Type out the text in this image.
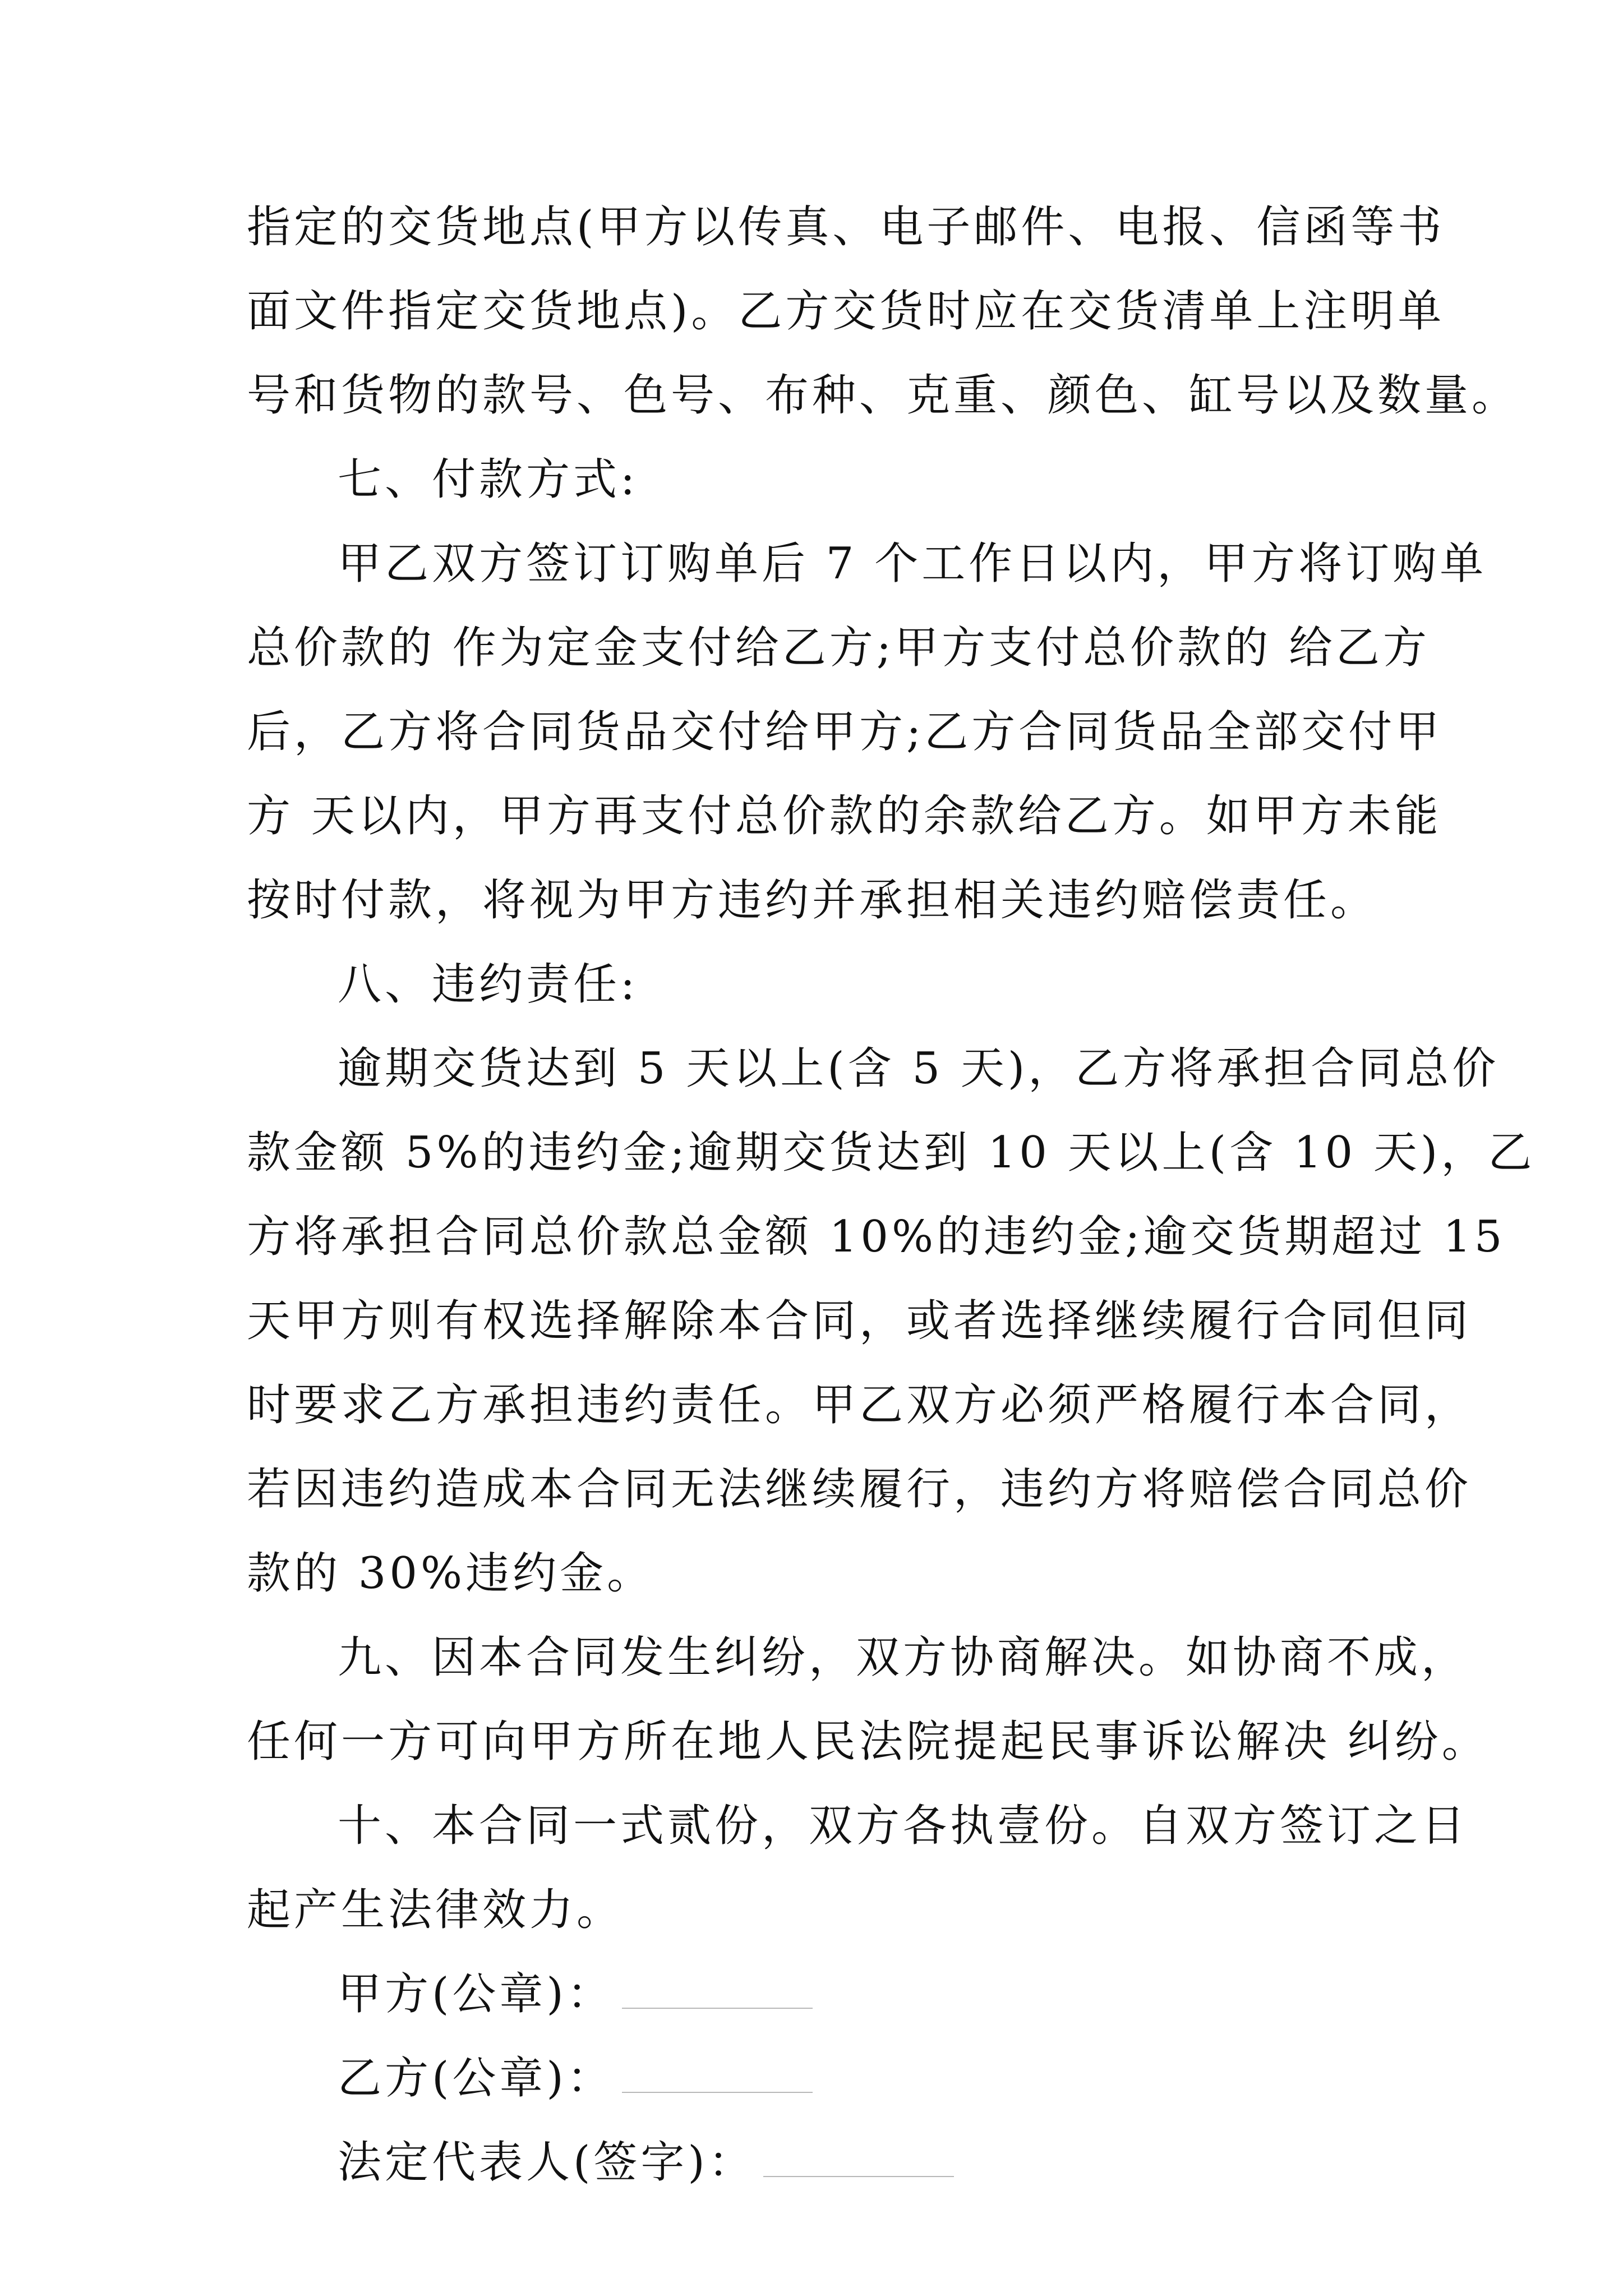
指定的交货地点(甲方以传真、电子邮件、电报、信函等书
面文件指定交货地点)。乙方交货时应在交货清单上注明单
号和货物的款号、色号、布种、克重、颜色、缸号以及数量。
七、付款方式:
甲乙双方签订订购单后 7 个工作日以内，甲方将订购单
总价款的 作为定金支付给乙方;甲方支付总价款的 给乙方
后，乙方将合同货品交付给甲方;乙方合同货品全部交付甲
方 天以内，甲方再支付总价款的余款给乙方。如甲方未能
按时付款，将视为甲方违约并承担相关违约赔偿责任。
八、违约责任:
逾期交货达到 5 天以上(含 5 天)，乙方将承担合同总价
款金额 5%的违约金;逾期交货达到 10 天以上(含 10 天)，乙
方将承担合同总价款总金额 10%的违约金;逾交货期超过 15
天甲方则有权选择解除本合同，或者选择继续履行合同但同
时要求乙方承担违约责任。甲乙双方必须严格履行本合同，
若因违约造成本合同无法继续履行，违约方将赔偿合同总价
款的 30%违约金。
九、因本合同发生纠纷，双方协商解决。如协商不成，
任何一方可向甲方所在地人民法院提起民事诉讼解决 纠纷。
十、本合同一式贰份，双方各执壹份。自双方签订之日
起产生法律效力。
甲方(公章)：
乙方(公章)：
法定代表人(签字)：
